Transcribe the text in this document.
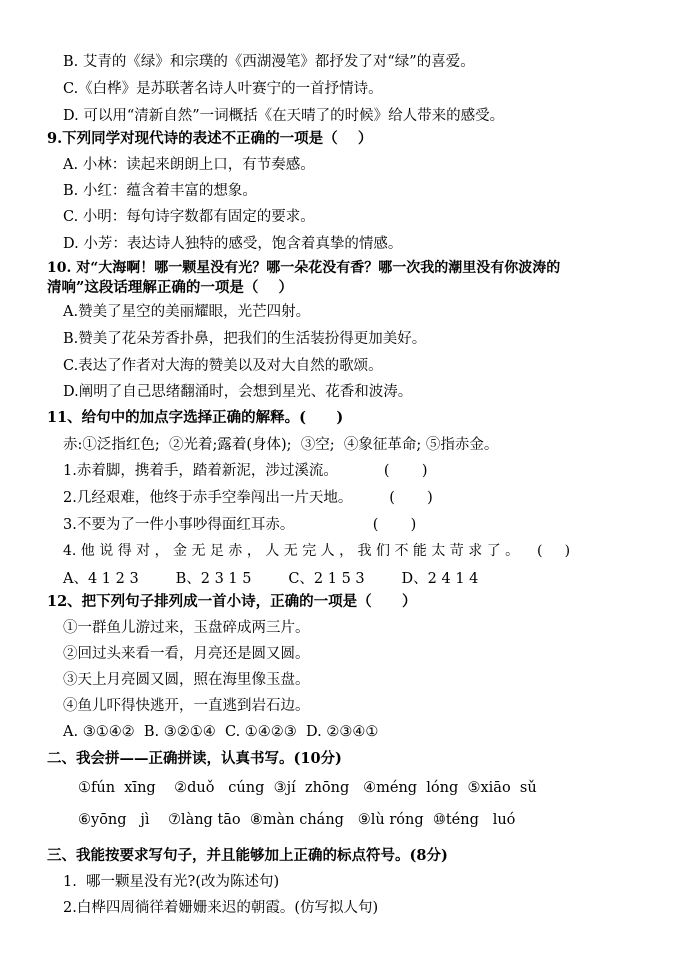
B. 艾青的《绿》和宗璞的《西湖漫笔》都抒发了对“绿”的喜爱。
C.《白桦》是苏联著名诗人叶赛宁的一首抒情诗。
D. 可以用“清新自然”一词概括《在天晴了的时候》给人带来的感受。
9.下列同学对现代诗的表述不正确的一项是（    ）
A. 小林：读起来朗朗上口，有节奏感。
B. 小红：蕴含着丰富的想象。
C. 小明：每句诗字数都有固定的要求。
D. 小芳：表达诗人独特的感受，饱含着真挚的情感。
10. 对“大海啊！哪一颗星没有光？哪一朵花没有香？哪一次我的潮里没有你波涛的
清响”这段话理解正确的一项是（    ）
A.赞美了星空的美丽耀眼，光芒四射。
B.赞美了花朵芳香扑鼻，把我们的生活装扮得更加美好。
C.表达了作者对大海的赞美以及对大自然的歌颂。
D.阐明了自己思绪翻涌时，会想到星光、花香和波涛。
11、给句中的加点字选择正确的解释。(      )
赤:①泛指红色;  ②光着;露着(身体);  ③空;  ④象征革命; ⑤指赤金。
1.赤着脚，携着手，踏着新泥，涉过溪流。          (       )
2.几经艰难，他终于赤手空拳闯出一片天地。        (       )
3.不要为了一件小事吵得面红耳赤。                 (       )
4. 他 说 得 对 ， 金 无 足 赤 ， 人 无 完 人 ， 我 们 不 能 太 苛 求 了 。    (     )
A、4 1 2 3        B、2 3 1 5        C、2 1 5 3        D、2 4 1 4
12、把下列句子排列成一首小诗，正确的一项是（      ）
①一群鱼儿游过来，玉盘碎成两三片。
②回过头来看一看，月亮还是圆又圆。
③天上月亮圆又圆，照在海里像玉盘。
④鱼儿吓得快逃开，一直逃到岩石边。
A. ③①④②  B. ③②①④  C. ①④②③  D. ②③④①
二、我会拼——正确拼读，认真书写。(10分)
①fún  xīng    ②duǒ   cúng  ③jí  zhōng   ④méng  lóng  ⑤xiāo  sǔ
⑥yōng   jì    ⑦làng tāo  ⑧màn cháng   ⑨lù róng  ⑩téng   luó
三、我能按要求写句子，并且能够加上正确的标点符号。(8分)
1.  哪一颗星没有光?(改为陈述句)
2.白桦四周徜徉着姗姗来迟的朝霞。(仿写拟人句)
